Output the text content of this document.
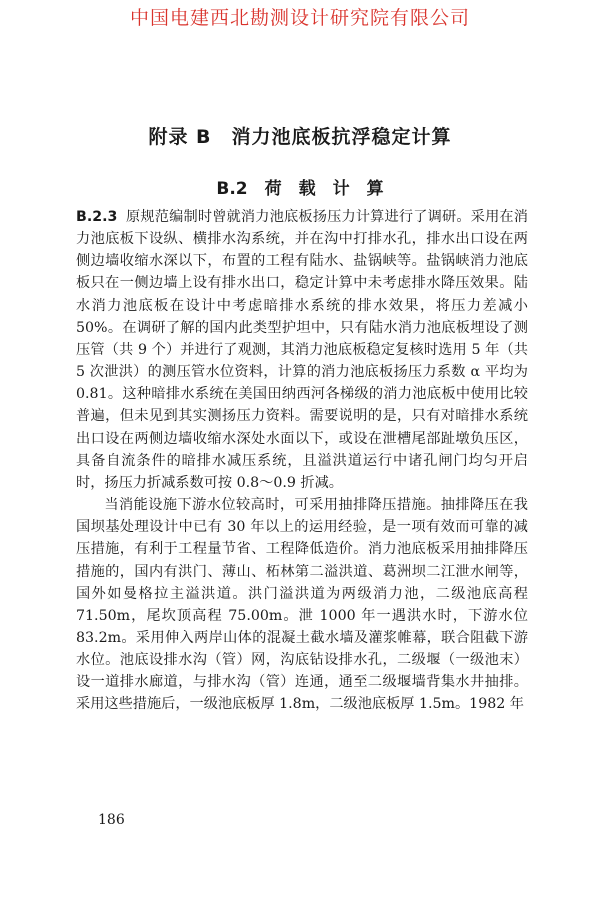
中国电建西北勘测设计研究院有限公司
附录 B　消力池底板抗浮稳定计算
B.2　荷　载　计　算

B.2.3 原规范编制时曾就消力池底板扬压力计算进行了调研。采用在消力池底板下设纵、横排水沟系统，并在沟中打排水孔，排水出口设在两侧边墙收缩水深以下，布置的工程有陆水、盐锅峡等。盐锅峡消力池底板只在一侧边墙上设有排水出口，稳定计算中未考虑排水降压效果。陆水消力池底板在设计中考虑暗排水系统的排水效果，将压力差减小 50%。在调研了解的国内此类型护坦中，只有陆水消力池底板埋设了测压管（共 9 个）并进行了观测，其消力池底板稳定复核时选用 5 年（共 5 次泄洪）的测压管水位资料，计算的消力池底板扬压力系数 α 平均为 0.81。这种暗排水系统在美国田纳西河各梯级的消力池底板中使用比较普遍，但未见到其实测扬压力资料。需要说明的是，只有对暗排水系统出口设在两侧边墙收缩水深处水面以下，或设在泄槽尾部趾墩负压区，具备自流条件的暗排水减压系统，且溢洪道运行中诸孔闸门均匀开启时，扬压力折减系数可按 0.8～0.9 折减。

当消能设施下游水位较高时，可采用抽排降压措施。抽排降压在我国坝基处理设计中已有 30 年以上的运用经验，是一项有效而可靠的减压措施，有利于工程量节省、工程降低造价。消力池底板采用抽排降压措施的，国内有洪门、薄山、柘林第二溢洪道、葛洲坝二江泄水闸等，国外如曼格拉主溢洪道。洪门溢洪道为两级消力池，二级池底高程 71.50m，尾坎顶高程 75.00m。泄 1000 年一遇洪水时，下游水位 83.2m。采用伸入两岸山体的混凝土截水墙及灌浆帷幕，联合阻截下游水位。池底设排水沟（管）网，沟底钻设排水孔，二级堰（一级池末）设一道排水廊道，与排水沟（管）连通，通至二级堰墙背集水井抽排。采用这些措施后，一级池底板厚 1.8m，二级池底板厚 1.5m。1982 年

186
